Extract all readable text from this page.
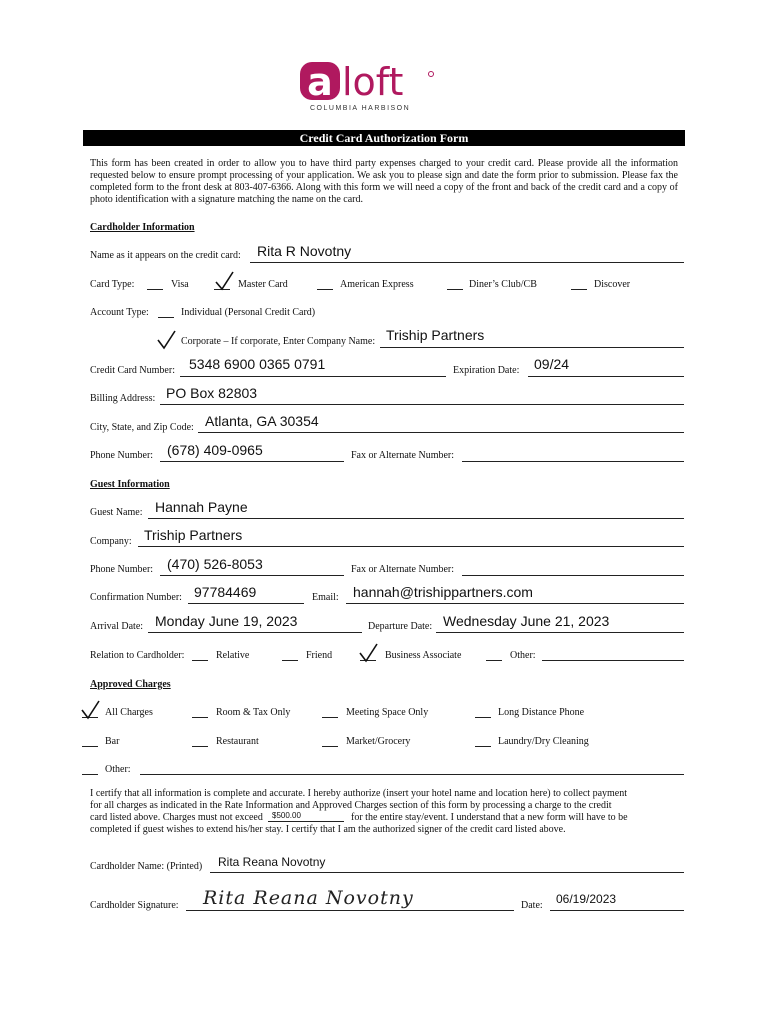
a loft
COLUMBIA HARBISON
Credit Card Authorization Form
This form has been created in order to allow you to have third party expenses charged to your credit card. Please provide all the information requested below to ensure prompt processing of your application. We ask you to please sign and date the form prior to submission. Please fax the completed form to the front desk at 803-407-6366. Along with this form we will need a copy of the front and back of the credit card and a copy of photo identification with a signature matching the name on the card.
Cardholder Information
Name as it appears on the credit card: Rita R Novotny
Card Type:	Visa	Master Card	American Express	Diner’s Club/CB	Discover
Account Type:	Individual (Personal Credit Card)
Corporate – If corporate, Enter Company Name: Triship Partners
Credit Card Number: 5348 6900 0365 0791	Expiration Date: 09/24
Billing Address: PO Box 82803
City, State, and Zip Code: Atlanta, GA 30354
Phone Number: (678) 409-0965	Fax or Alternate Number:
Guest Information
Guest Name: Hannah Payne
Company: Triship Partners
Phone Number: (470) 526-8053	Fax or Alternate Number:
Confirmation Number: 97784469	Email: hannah@trishippartners.com
Arrival Date: Monday June 19, 2023	Departure Date: Wednesday June 21, 2023
Relation to Cardholder:	Relative	Friend	Business Associate	Other:
Approved Charges
All Charges	Room & Tax Only	Meeting Space Only	Long Distance Phone
Bar	Restaurant	Market/Grocery	Laundry/Dry Cleaning
Other:
I certify that all information is complete and accurate. I hereby authorize (insert your hotel name and location here) to collect payment
for all charges as indicated in the Rate Information and Approved Charges section of this form by processing a charge to the credit
card listed above. Charges must not exceed $500.00	for the entire stay/event. I understand that a new form will have to be
completed if guest wishes to extend his/her stay. I certify that I am the authorized signer of the credit card listed above.
Cardholder Name: (Printed) Rita Reana Novotny
Cardholder Signature: Rita Reana Novotny	Date: 06/19/2023
